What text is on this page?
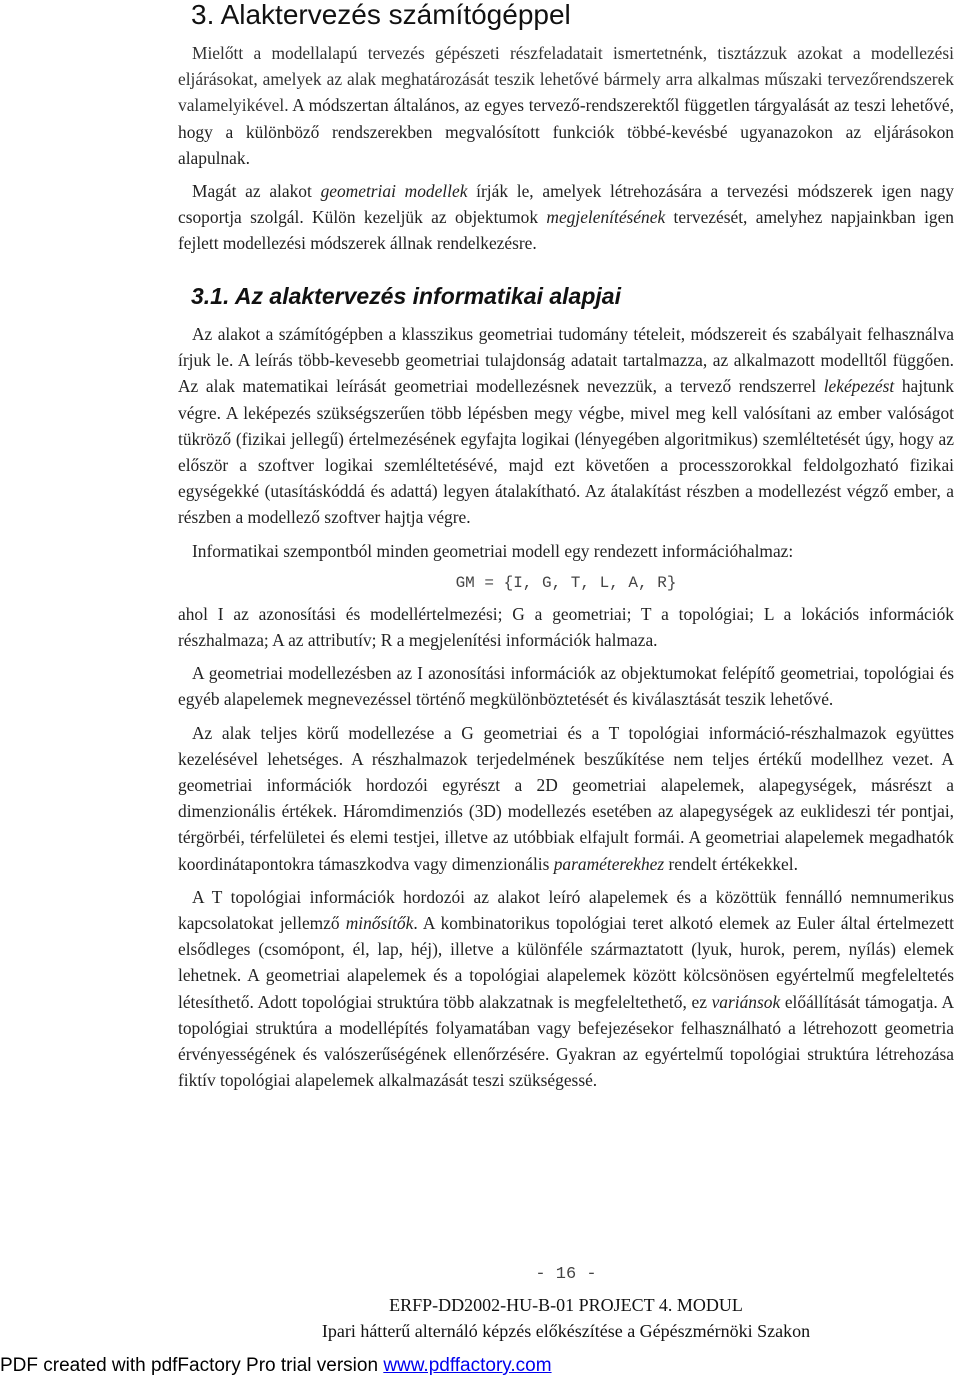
3. Alaktervezés számítógéppel

Mielőtt a modellalapú tervezés gépészeti részfeladatait ismertetnénk, tisztázzuk azokat a modellezési eljárásokat, amelyek az alak meghatározását teszik lehetővé bármely arra alkalmas műszaki tervezőrendszerek valamelyikével. A módszertan általános, az egyes tervező-rendszerektől független tárgyalását az teszi lehetővé, hogy a különböző rendszerekben megvalósított funkciók többé-kevésbé ugyanazokon az eljárásokon alapulnak.

Magát az alakot geometriai modellek írják le, amelyek létrehozására a tervezési módszerek igen nagy csoportja szolgál. Külön kezeljük az objektumok megjelenítésének tervezését, amelyhez napjainkban igen fejlett modellezési módszerek állnak rendelkezésre.

3.1. Az alaktervezés informatikai alapjai

Az alakot a számítógépben a klasszikus geometriai tudomány tételeit, módszereit és szabályait felhasználva írjuk le. A leírás több-kevesebb geometriai tulajdonság adatait tartalmazza, az alkalmazott modelltől függően. Az alak matematikai leírását geometriai modellezésnek nevezzük, a tervező rendszerrel leképezést hajtunk végre. A leképezés szükségszerűen több lépésben megy végbe, mivel meg kell valósítani az ember valóságot tükröző (fizikai jellegű) értelmezésének egyfajta logikai (lényegében algoritmikus) szemléltetését úgy, hogy az először a szoftver logikai szemléltetésévé, majd ezt követően a processzorokkal feldolgozható fizikai egységekké (utasításkóddá és adattá) legyen átalakítható. Az átalakítást részben a modellezést végző ember, a részben a modellező szoftver hajtja végre.

Informatikai szempontból minden geometriai modell egy rendezett információhalmaz:

GM = {I, G, T, L, A, R}

ahol I az azonosítási és modellértelmezési; G a geometriai; T a topológiai; L a lokációs információk részhalmaza; A az attributív; R a megjelenítési információk halmaza.

A geometriai modellezésben az I azonosítási információk az objektumokat felépítő geometriai, topológiai és egyéb alapelemek megnevezéssel történő megkülönböztetését és kiválasztását teszik lehetővé.

Az alak teljes körű modellezése a G geometriai és a T topológiai információ-részhalmazok együttes kezelésével lehetséges. A részhalmazok terjedelmének beszűkítése nem teljes értékű modellhez vezet. A geometriai információk hordozói egyrészt a 2D geometriai alapelemek, alapegységek, másrészt a dimenzionális értékek. Háromdimenziós (3D) modellezés esetében az alapegységek az euklideszi tér pontjai, térgörbéi, térfelületei és elemi testjei, illetve az utóbbiak elfajult formái. A geometriai alapelemek megadhatók koordinátapontokra támaszkodva vagy dimenzionális paraméterekhez rendelt értékekkel.

A T topológiai információk hordozói az alakot leíró alapelemek és a közöttük fennálló nemnumerikus kapcsolatokat jellemző minősítők. A kombinatorikus topológiai teret alkotó elemek az Euler által értelmezett elsődleges (csomópont, él, lap, héj), illetve a különféle származtatott (lyuk, hurok, perem, nyílás) elemek lehetnek. A geometriai alapelemek és a topológiai alapelemek között kölcsönösen egyértelmű megfeleltetés létesíthető. Adott topológiai struktúra több alakzatnak is megfeleltethető, ez variánsok előállítását támogatja. A topológiai struktúra a modellépítés folyamatában vagy befejezésekor felhasználható a létrehozott geometria érvényességének és valószerűségének ellenőrzésére. Gyakran az egyértelmű topológiai struktúra létrehozása fiktív topológiai alapelemek alkalmazását teszi szükségessé.

- 16 -
ERFP-DD2002-HU-B-01 PROJECT 4. MODUL
Ipari hátterű alternáló képzés előkészítése a Gépészmérnöki Szakon
PDF created with pdfFactory Pro trial version www.pdffactory.com
